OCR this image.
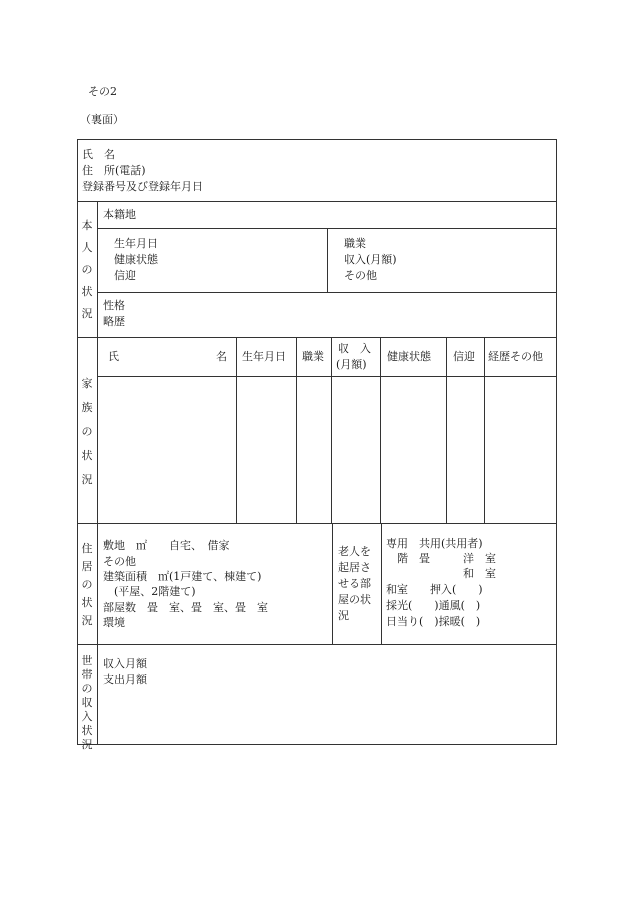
その2
（裏面）
氏　名
住　所(電話)
登録番号及び登録年月日
本人の状況
本籍地
生年月日
健康状態
信迎
職業
収入(月額)
その他
性格
略歴
家族の状況
氏	名 生年月日 職業
収　入
(月額)
健康状態 信迎 経歴その他
住居の状況
敷地　㎡　　自宅、　借家
その他
建築面積　㎡(1戸建て、棟建て)
　(平屋、2階建て)
部屋数　畳　室、畳　室、畳　室
環境
老人を
起居さ
せる部
屋の状
況
専用　共用(共用者)
　階　畳　　　洋　室
　　　　　　　和　室
和室　　押入(　　)
採光(　　)通風(　)
日当り(　)採暖(　)
世帯の収入状況
収入月額
支出月額
